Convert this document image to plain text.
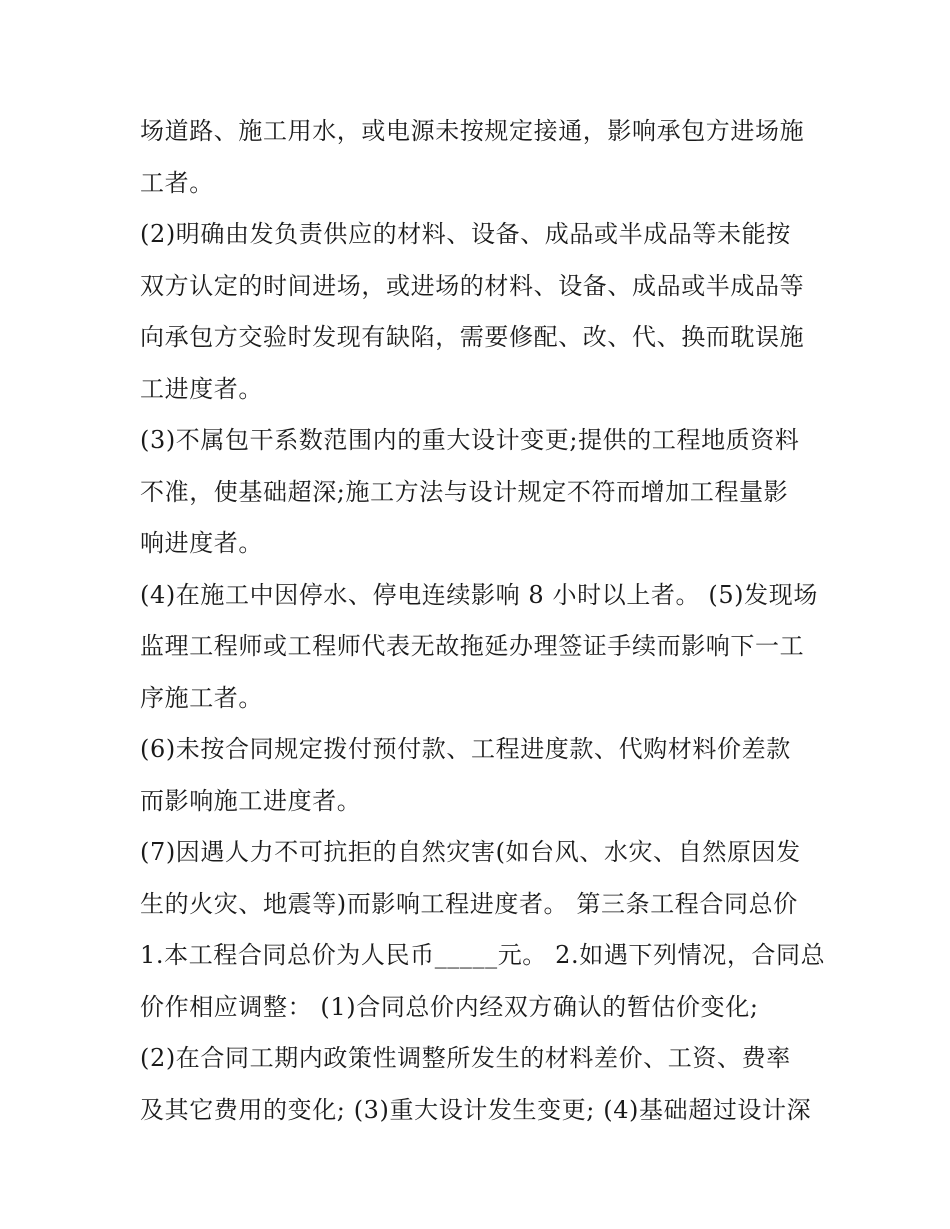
场道路、施工用水，或电源未按规定接通，影响承包方进场施
工者。
(2)明确由发负责供应的材料、设备、成品或半成品等未能按
双方认定的时间进场，或进场的材料、设备、成品或半成品等
向承包方交验时发现有缺陷，需要修配、改、代、换而耽误施
工进度者。
(3)不属包干系数范围内的重大设计变更;提供的工程地质资料
不准，使基础超深;施工方法与设计规定不符而增加工程量影
响进度者。
(4)在施工中因停水、停电连续影响 8 小时以上者。 (5)发现场
监理工程师或工程师代表无故拖延办理签证手续而影响下一工
序施工者。
(6)未按合同规定拨付预付款、工程进度款、代购材料价差款
而影响施工进度者。
(7)因遇人力不可抗拒的自然灾害(如台风、水灾、自然原因发
生的火灾、地震等)而影响工程进度者。 第三条工程合同总价
1.本工程合同总价为人民币_____元。 2.如遇下列情况，合同总
价作相应调整： (1)合同总价内经双方确认的暂估价变化;
(2)在合同工期内政策性调整所发生的材料差价、工资、费率
及其它费用的变化; (3)重大设计发生变更; (4)基础超过设计深
